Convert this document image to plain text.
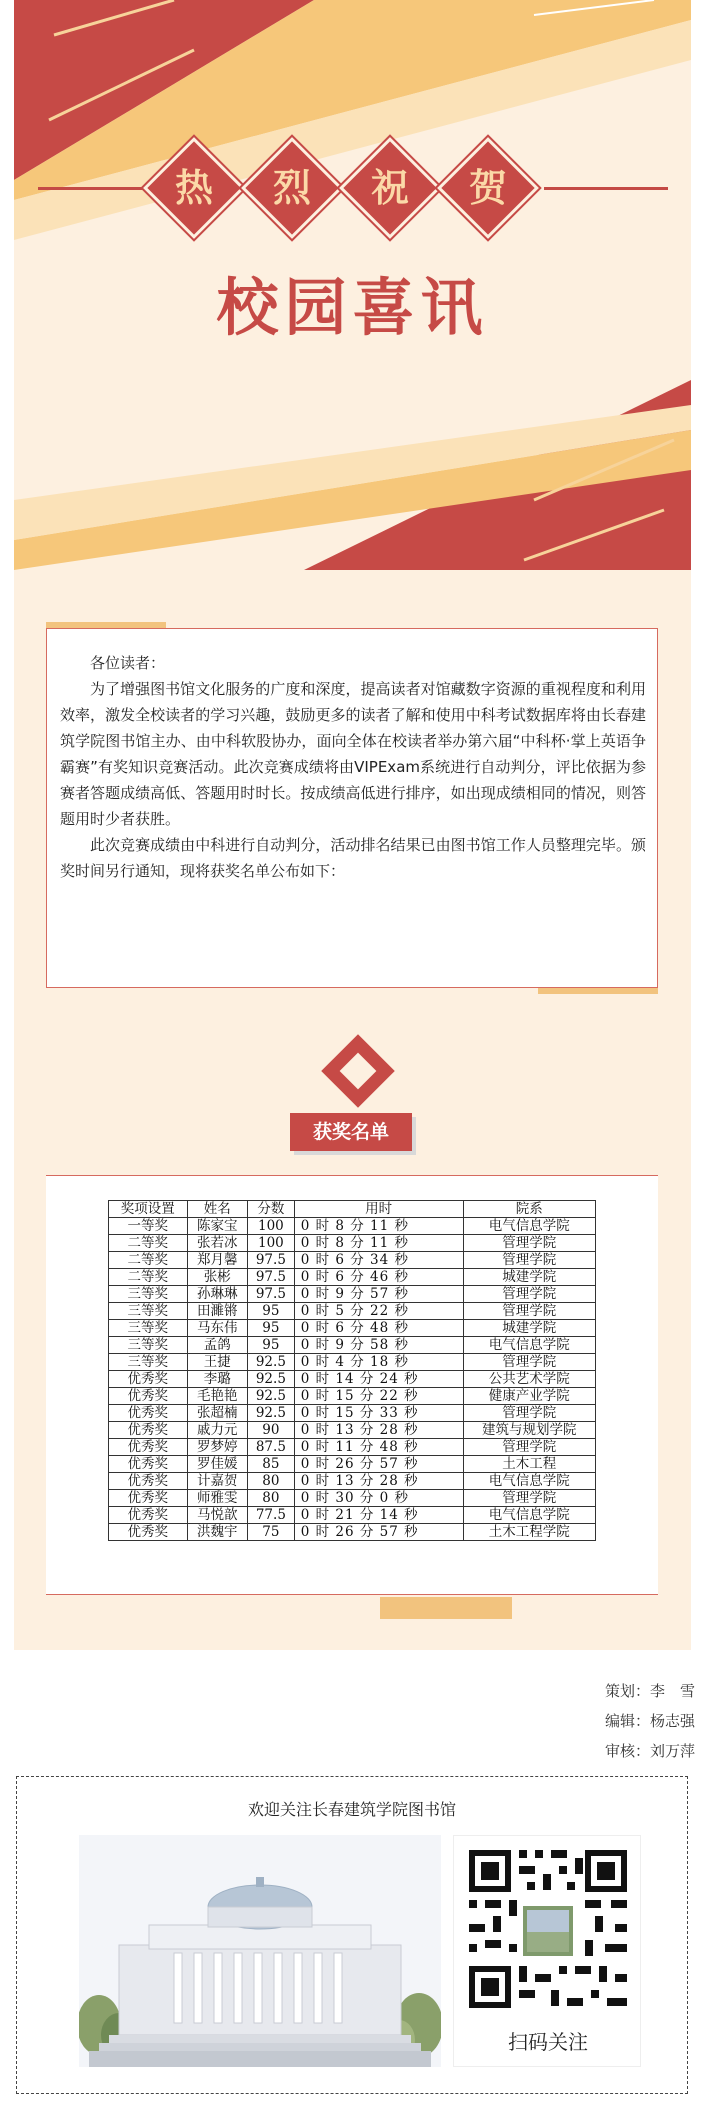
热	烈	祝	贺
校园喜讯

各位读者：

为了增强图书馆文化服务的广度和深度，提高读者对馆藏数字资源的重视程度和利用效率，激发全校读者的学习兴趣，鼓励更多的读者了解和使用中科考试数据库将由长春建筑学院图书馆主办、由中科软股协办，面向全体在校读者举办第六届“中科杯·掌上英语争霸赛”有奖知识竞赛活动。此次竞赛成绩将由VIPExam系统进行自动判分，评比依据为参赛者答题成绩高低、答题用时时长。按成绩高低进行排序，如出现成绩相同的情况，则答题用时少者获胜。

此次竞赛成绩由中科进行自动判分，活动排名结果已由图书馆工作人员整理完毕。颁奖时间另行通知，现将获奖名单公布如下：

获奖名单
奖项设置	姓名	分数	用时	院系
一等奖	陈家宝	100	0 时 8 分 11 秒	电气信息学院
二等奖	张若冰	100	0 时 8 分 11 秒	管理学院
二等奖	郑月馨	97.5	0 时 6 分 34 秒	管理学院
二等奖	张彬	97.5	0 时 6 分 46 秒	城建学院
三等奖	孙琳琳	97.5	0 时 9 分 57 秒	管理学院
三等奖	田濉锵	95	0 时 5 分 22 秒	管理学院
三等奖	马东伟	95	0 时 6 分 48 秒	城建学院
三等奖	孟鸽	95	0 时 9 分 58 秒	电气信息学院
三等奖	王捷	92.5	0 时 4 分 18 秒	管理学院
优秀奖	李璐	92.5	0 时 14 分 24 秒	公共艺术学院
优秀奖	毛艳艳	92.5	0 时 15 分 22 秒	健康产业学院
优秀奖	张超楠	92.5	0 时 15 分 33 秒	管理学院
优秀奖	戚力元	90	0 时 13 分 28 秒	建筑与规划学院
优秀奖	罗梦婷	87.5	0 时 11 分 48 秒	管理学院
优秀奖	罗佳媛	85	0 时 26 分 57 秒	土木工程
优秀奖	计嘉贺	80	0 时 13 分 28 秒	电气信息学院
优秀奖	师雅雯	80	0 时 30 分 0 秒	管理学院
优秀奖	马悦歆	77.5	0 时 21 分 14 秒	电气信息学院
优秀奖	洪魏宇	75	0 时 26 分 57 秒	土木工程学院
策划：李　雪
编辑：杨志强
审核：刘万萍
欢迎关注长春建筑学院图书馆
扫码关注
